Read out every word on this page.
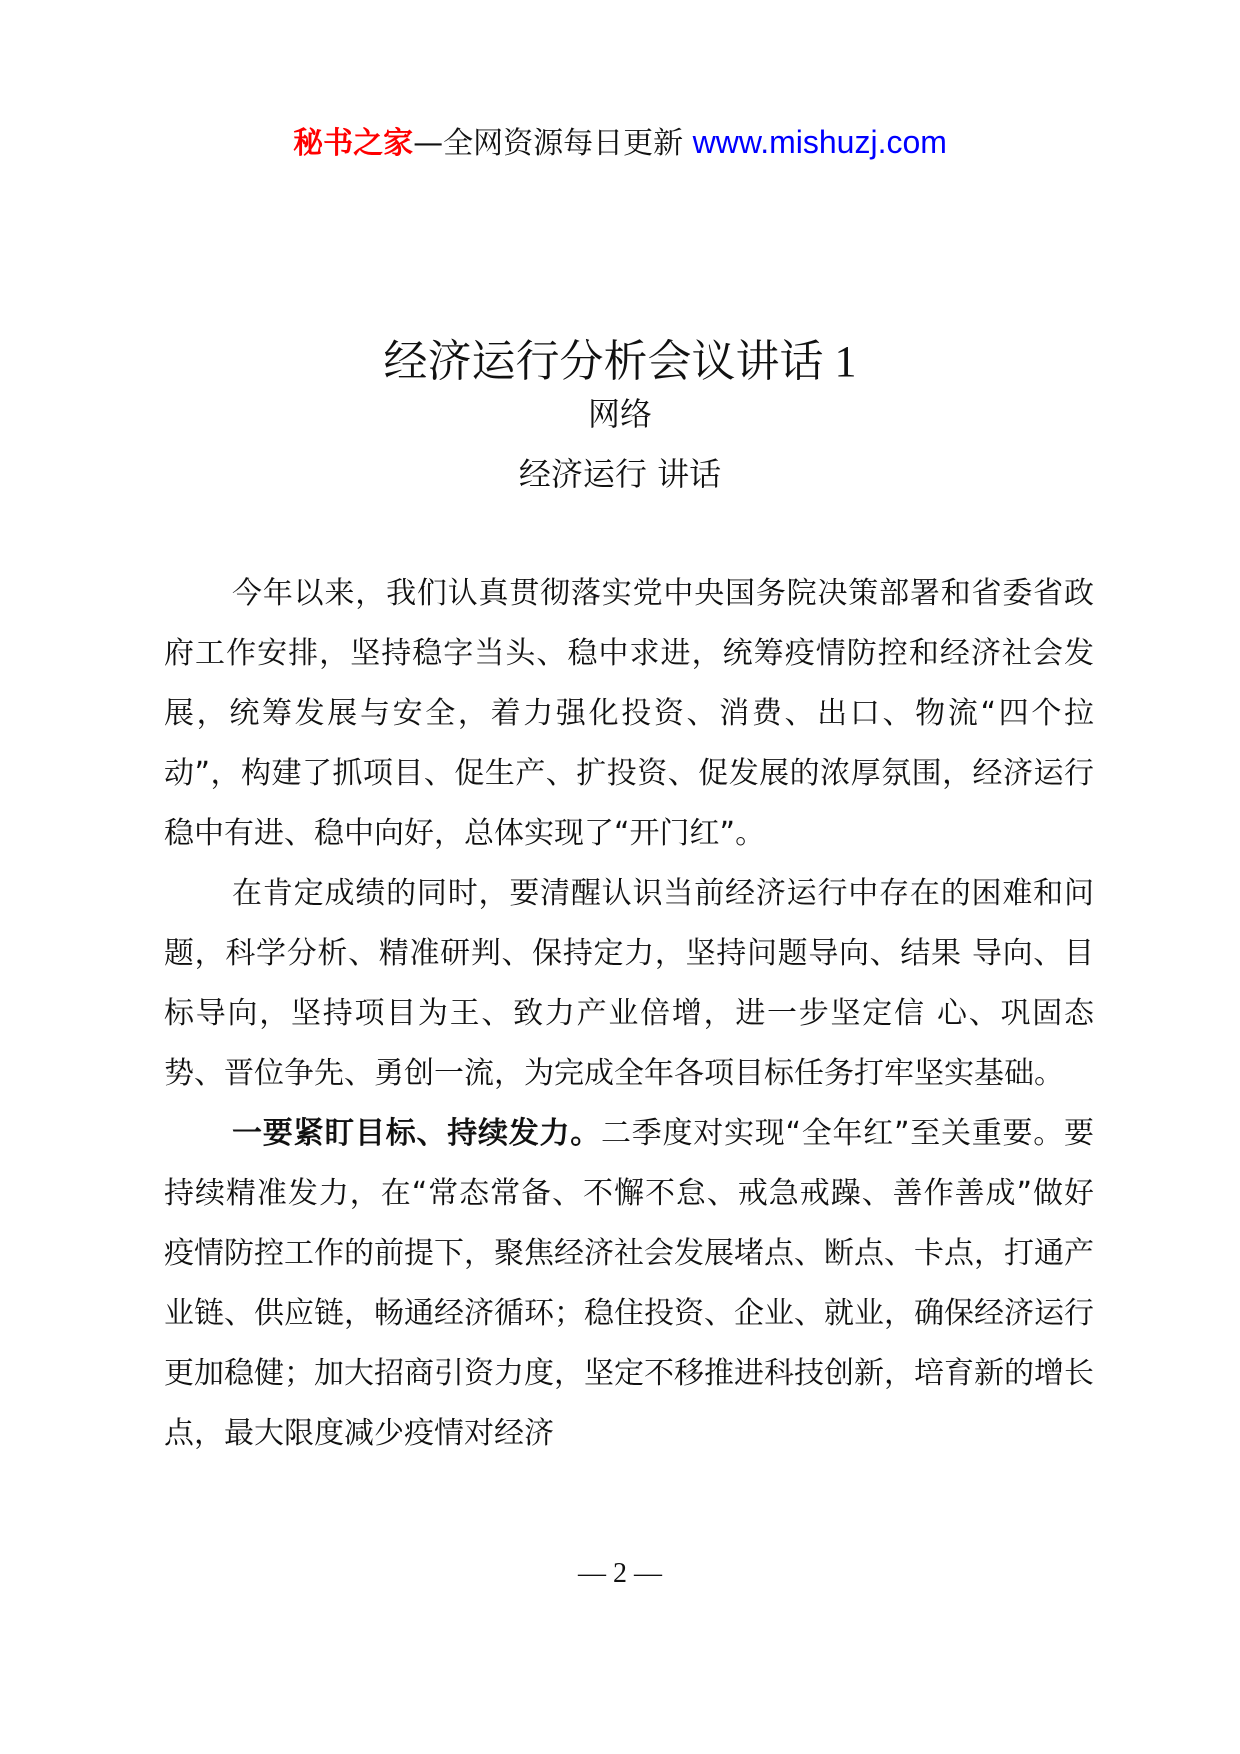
秘书之家—全网资源每日更新 www.mishuzj.com
经济运行分析会议讲话 1
网络
经济运行 讲话

今年以来，我们认真贯彻落实党中央国务院决策部署和省委省政府工作安排，坚持稳字当头、稳中求进，统筹疫情防控和经济社会发展，统筹发展与安全，着力强化投资、消费、出口、物流“四个拉动”，构建了抓项目、促生产、扩投资、促发展的浓厚氛围，经济运行稳中有进、稳中向好，总体实现了“开门红”。

在肯定成绩的同时，要清醒认识当前经济运行中存在的困难和问题，科学分析、精准研判、保持定力，坚持问题导向、结果 导向、目标导向，坚持项目为王、致力产业倍增，进一步坚定信 心、巩固态势、晋位争先、勇创一流，为完成全年各项目标任务打牢坚实基础。

一要紧盯目标、持续发力。二季度对实现“全年红”至关重要。要持续精准发力，在“常态常备、不懈不怠、戒急戒躁、善作善成”做好疫情防控工作的前提下，聚焦经济社会发展堵点、断点、卡点，打通产业链、供应链，畅通经济循环；稳住投资、企业、就业，确保经济运行更加稳健；加大招商引资力度，坚定不移推进科技创新，培育新的增长点，最大限度减少疫情对经济

— 2 —
